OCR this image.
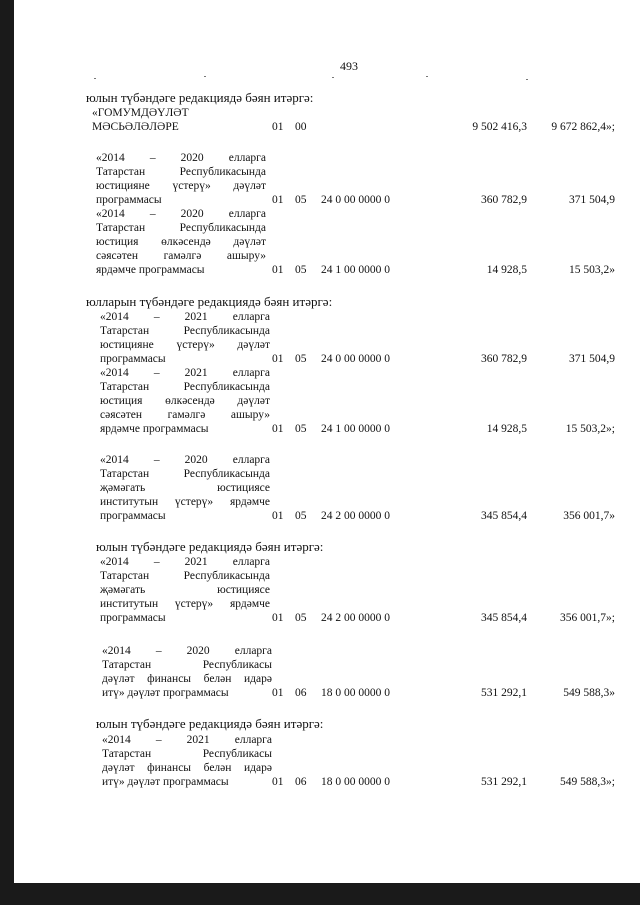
493
юлын түбәндәге редакциядә бәян итәргә:
«ГОМУМДӘҮЛӘТ
МӘСЬӘЛӘЛӘРЕ	01 00	9 502 416,3 9 672 862,4»;
«2014 – 2020 елларга
Татарстан Республикасында
юстицияне үстерү» дәүләт
программасы	01 05 24 0 00 0000 0	360 782,9	371 504,9
«2014 – 2020 елларга
Татарстан Республикасында
юстиция өлкәсендә дәүләт
сәясәтен гамәлгә ашыру»
ярдәмче программасы	01 05 24 1 00 0000 0	14 928,5	15 503,2»
юлларын түбәндәге редакциядә бәян итәргә:
«2014 – 2021 елларга
Татарстан Республикасында
юстицияне үстерү» дәүләт
программасы	01 05 24 0 00 0000 0	360 782,9	371 504,9
«2014 – 2021 елларга
Татарстан Республикасында
юстиция өлкәсендә дәүләт
сәясәтен гамәлгә ашыру»
ярдәмче программасы	01 05 24 1 00 0000 0	14 928,5	15 503,2»;
«2014 – 2020 елларга
Татарстан Республикасында
җәмәгать юстициясе
институтын үстерү» ярдәмче
программасы	01 05 24 2 00 0000 0	345 854,4	356 001,7»
юлын түбәндәге редакциядә бәян итәргә:
«2014 – 2021 елларга
Татарстан Республикасында
җәмәгать юстициясе
институтын үстерү» ярдәмче
программасы	01 05 24 2 00 0000 0	345 854,4	356 001,7»;
«2014 – 2020 елларга
Татарстан Республикасы
дәүләт финансы белән идарә
итү» дәүләт программасы	01 06 18 0 00 0000 0	531 292,1	549 588,3»
юлын түбәндәге редакциядә бәян итәргә:
«2014 – 2021 елларга
Татарстан Республикасы
дәүләт финансы белән идарә
итү» дәүләт программасы	01 06 18 0 00 0000 0	531 292,1	549 588,3»;
